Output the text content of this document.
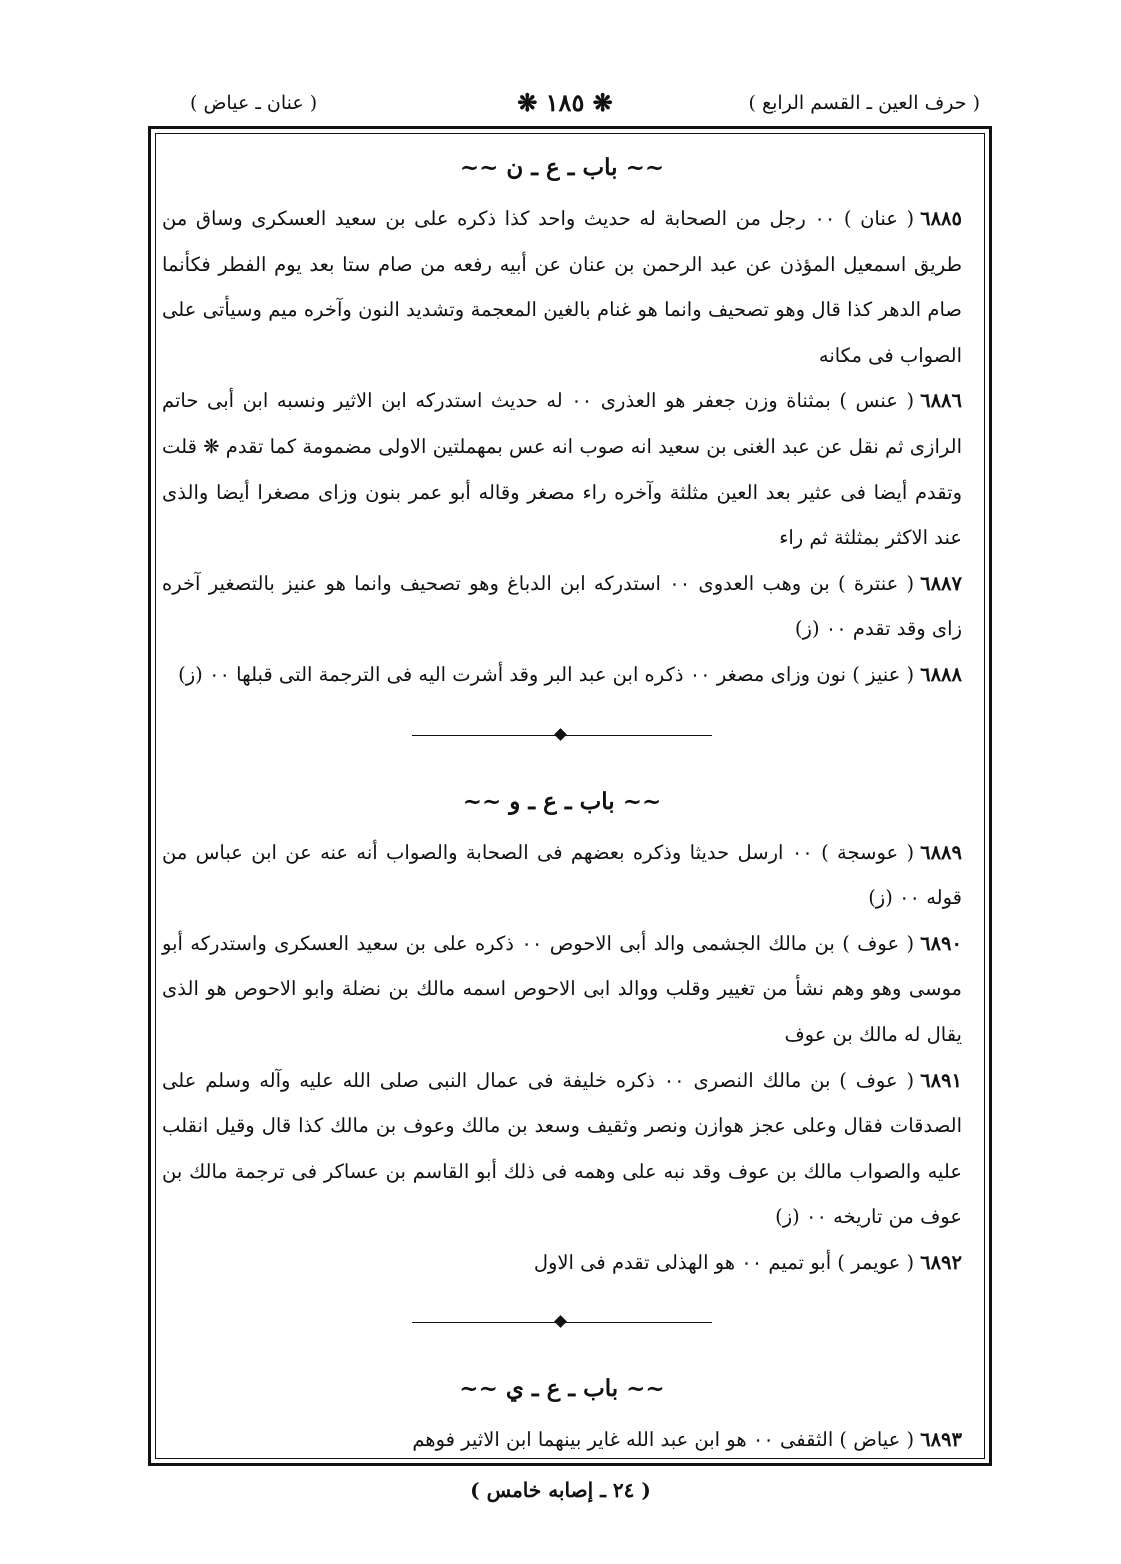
( حرف العين ـ القسم الرابع )
❋ ١٨٥ ❋
( عنان ـ عياض )
~~ باب ـ ع ـ ن ~~

٦٨٨٥( عنان ) ٠٠ رجل من الصحابة له حديث واحد كذا ذكره على بن سعيد العسكرى وساق من طريق اسمعيل المؤذن عن عبد الرحمن بن عنان عن أبيه رفعه من صام ستا بعد يوم الفطر فكأنما صام الدهر كذا قال وهو تصحيف وانما هو غنام بالغين المعجمة وتشديد النون وآخره ميم وسيأتى على الصواب فى مكانه

٦٨٨٦( عنس ) بمثناة وزن جعفر هو العذرى ٠٠ له حديث استدركه ابن الاثير ونسبه ابن أبى حاتم الرازى ثم نقل عن عبد الغنى بن سعيد انه صوب انه عس بمهملتين الاولى مضمومة كما تقدم ❋ قلت وتقدم أيضا فى عثير بعد العين مثلثة وآخره راء مصغر وقاله أبو عمر بنون وزاى مصغرا أيضا والذى عند الاكثر بمثلثة ثم راء

٦٨٨٧( عنترة ) بن وهب العدوى ٠٠ استدركه ابن الدباغ وهو تصحيف وانما هو عنيز بالتصغير آخره زاى وقد تقدم ٠٠ (ز)

٦٨٨٨( عنيز ) نون وزاى مصغر ٠٠ ذكره ابن عبد البر وقد أشرت اليه فى الترجمة التى قبلها ٠٠ (ز)

~~ باب ـ ع ـ و ~~

٦٨٨٩( عوسجة ) ٠٠ ارسل حديثا وذكره بعضهم فى الصحابة والصواب أنه عنه عن ابن عباس من قوله ٠٠ (ز)

٦٨٩٠( عوف ) بن مالك الجشمى والد أبى الاحوص ٠٠ ذكره على بن سعيد العسكرى واستدركه أبو موسى وهو وهم نشأ من تغيير وقلب ووالد ابى الاحوص اسمه مالك بن نضلة وابو الاحوص هو الذى يقال له مالك بن عوف

٦٨٩١( عوف ) بن مالك النصرى ٠٠ ذكره خليفة فى عمال النبى صلى الله عليه وآله وسلم على الصدقات فقال وعلى عجز هوازن ونصر وثقيف وسعد بن مالك وعوف بن مالك كذا قال وقيل انقلب عليه والصواب مالك بن عوف وقد نبه على وهمه فى ذلك أبو القاسم بن عساكر فى ترجمة مالك بن عوف من تاريخه ٠٠ (ز)

٦٨٩٢( عويمر ) أبو تميم ٠٠ هو الهذلى تقدم فى الاول

~~ باب ـ ع ـ ي ~~

٦٨٩٣( عياض ) الثقفى ٠٠ هو ابن عبد الله غاير بينهما ابن الاثير فوهم

( ٢٤ ـ إصابه خامس )
